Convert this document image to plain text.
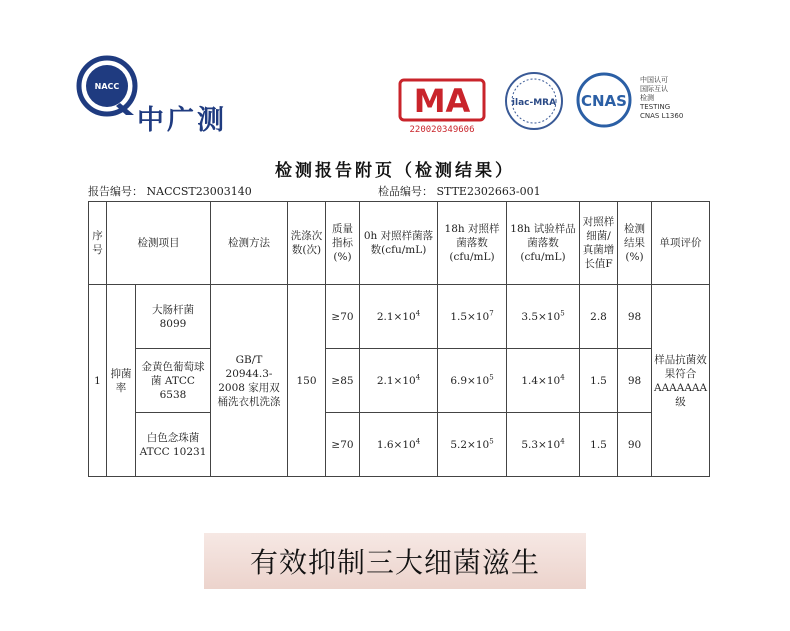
NACC
中广测
MA
220020349606
ilac-MRA CNAS
中国认可
国际互认
检测
TESTING
CNAS L1360
检测报告附页（检测结果）
报告编号： NACCST23003140	检品编号： STTE2302663-001
序号	检测项目		检测方法	洗涤次数(次)	质量指标(%)	0h 对照样菌落数(cfu/mL)	18h 对照样菌落数(cfu/mL)	18h 试验样品菌落数(cfu/mL)	对照样细菌/真菌增长值F	检测结果(%)	单项评价
1	抑菌率	大肠杆菌 8099	GB/T 20944.3-2008 家用双桶洗衣机洗涤	150	≥70	$2.1\times 10^4$	$1.5\times 10^7$	$3.5\times 10^5$	2.8	98	样品抗菌效果符合AAAAAAA级
		金黄色葡萄球菌 ATCC 6538			≥85	$2.1\times 10^4$	$6.9\times 10^5$	$1.4\times 10^4$	1.5	98	
		白色念珠菌 ATCC 10231			≥70	$1.6\times 10^4$	$5.2\times 10^5$	$5.3\times 10^4$	1.5	90	
有效抑制三大细菌滋生
